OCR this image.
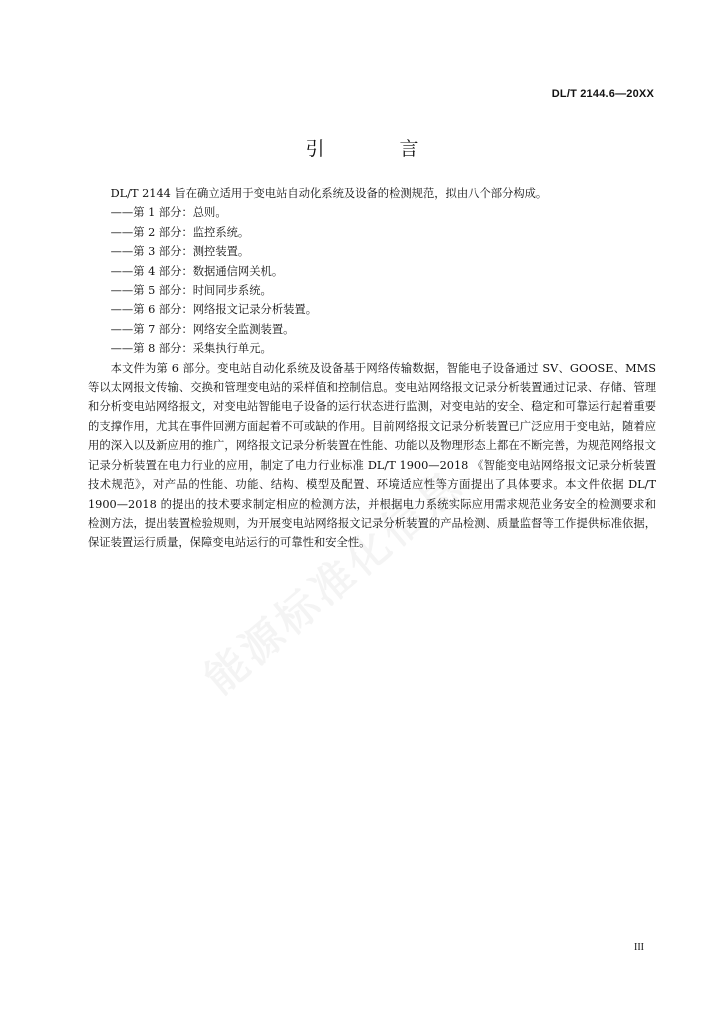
DL/T 2144.6—20XX
引　言

DL/T 2144 旨在确立适用于变电站自动化系统及设备的检测规范，拟由八个部分构成。

——第 1 部分：总则。
——第 2 部分：监控系统。
——第 3 部分：测控装置。
——第 4 部分：数据通信网关机。
——第 5 部分：时间同步系统。
——第 6 部分：网络报文记录分析装置。
——第 7 部分：网络安全监测装置。
——第 8 部分：采集执行单元。

本文件为第 6 部分。变电站自动化系统及设备基于网络传输数据，智能电子设备通过 SV、GOOSE、MMS 等以太网报文传输、交换和管理变电站的采样值和控制信息。变电站网络报文记录分析装置通过记录、存储、管理和分析变电站网络报文，对变电站智能电子设备的运行状态进行监测，对变电站的安全、稳定和可靠运行起着重要的支撑作用，尤其在事件回溯方面起着不可或缺的作用。目前网络报文记录分析装置已广泛应用于变电站，随着应用的深入以及新应用的推广，网络报文记录分析装置在性能、功能以及物理形态上都在不断完善，为规范网络报文记录分析装置在电力行业的应用，制定了电力行业标准 DL/T 1900—2018 《智能变电站网络报文记录分析装置技术规范》，对产品的性能、功能、结构、模型及配置、环境适应性等方面提出了具体要求。本文件依据 DL/T 1900—2018 的提出的技术要求制定相应的检测方法，并根据电力系统实际应用需求规范业务安全的检测要求和检测方法，提出装置检验规则，为开展变电站网络报文记录分析装置的产品检测、质量监督等工作提供标准依据，保证装置运行质量，保障变电站运行的可靠性和安全性。

III
